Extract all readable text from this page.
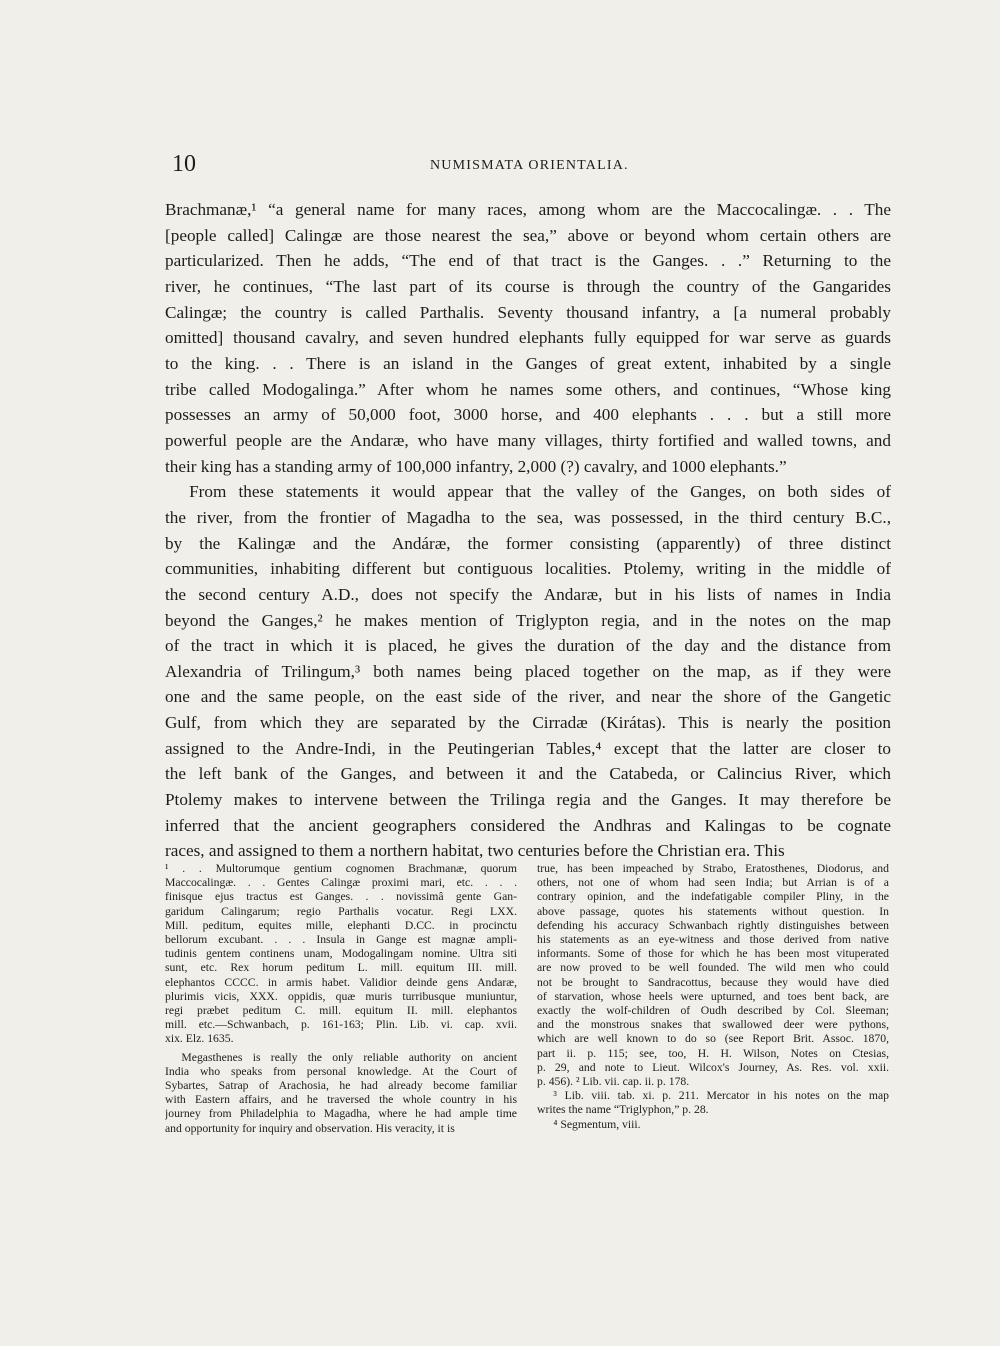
10	NUMISMATA ORIENTALIA.
Brachmanæ,¹ “a general name for many races, among whom are the Maccocalingæ. . . The
[people called] Calingæ are those nearest the sea,” above or beyond whom certain others are
particularized. Then he adds, “The end of that tract is the Ganges. . .” Returning to the
river, he continues, “The last part of its course is through the country of the Gangarides
Calingæ; the country is called Parthalis. Seventy thousand infantry, a [a numeral probably
omitted] thousand cavalry, and seven hundred elephants fully equipped for war serve as guards
to the king. . . There is an island in the Ganges of great extent, inhabited by a single
tribe called Modogalinga.” After whom he names some others, and continues, “Whose king
possesses an army of 50,000 foot, 3000 horse, and 400 elephants . . . but a still more
powerful people are the Andaræ, who have many villages, thirty fortified and walled towns, and
their king has a standing army of 100,000 infantry, 2,000 (?) cavalry, and 1000 elephants.”
From these statements it would appear that the valley of the Ganges, on both sides of
the river, from the frontier of Magadha to the sea, was possessed, in the third century B.C.,
by the Kalingæ and the Andáræ, the former consisting (apparently) of three distinct
communities, inhabiting different but contiguous localities. Ptolemy, writing in the middle of
the second century A.D., does not specify the Andaræ, but in his lists of names in India
beyond the Ganges,² he makes mention of Triglypton regia, and in the notes on the map
of the tract in which it is placed, he gives the duration of the day and the distance from
Alexandria of Trilingum,³ both names being placed together on the map, as if they were
one and the same people, on the east side of the river, and near the shore of the Gangetic
Gulf, from which they are separated by the Cirradæ (Kirátas). This is nearly the position
assigned to the Andre-Indi, in the Peutingerian Tables,⁴ except that the latter are closer to
the left bank of the Ganges, and between it and the Catabeda, or Calincius River, which
Ptolemy makes to intervene between the Trilinga regia and the Ganges. It may therefore be
inferred that the ancient geographers considered the Andhras and Kalingas to be cognate
races, and assigned to them a northern habitat, two centuries before the Christian era. This
¹ . . Multorumque gentium cognomen Brachmanæ, quorum
Maccocalingæ. . . Gentes Calingæ proximi mari, etc. . . .
finisque ejus tractus est Ganges. . . novissimâ gente Gan-
garidum Calingarum; regio Parthalis vocatur. Regi LXX.
Mill. peditum, equites mille, elephanti D.CC. in procinctu
bellorum excubant. . . . Insula in Gange est magnæ ampli-
tudinis gentem continens unam, Modogalingam nomine. Ultra siti
sunt, etc. Rex horum peditum L. mill. equitum III. mill.
elephantos CCCC. in armis habet. Validior deinde gens Andaræ,
plurimis vicis, XXX. oppidis, quæ muris turribusque muniuntur,
regi præbet peditum C. mill. equitum II. mill. elephantos
mill. etc.—Schwanbach, p. 161-163; Plin. Lib. vi. cap. xvii.
xix. Elz. 1635.
Megasthenes is really the only reliable authority on ancient
India who speaks from personal knowledge. At the Court of
Sybartes, Satrap of Arachosia, he had already become familiar
with Eastern affairs, and he traversed the whole country in his
journey from Philadelphia to Magadha, where he had ample time
and opportunity for inquiry and observation. His veracity, it is
true, has been impeached by Strabo, Eratosthenes, Diodorus, and
others, not one of whom had seen India; but Arrian is of a
contrary opinion, and the indefatigable compiler Pliny, in the
above passage, quotes his statements without question. In
defending his accuracy Schwanbach rightly distinguishes between
his statements as an eye-witness and those derived from native
informants. Some of those for which he has been most vituperated
are now proved to be well founded. The wild men who could
not be brought to Sandracottus, because they would have died
of starvation, whose heels were upturned, and toes bent back, are
exactly the wolf-children of Oudh described by Col. Sleeman;
and the monstrous snakes that swallowed deer were pythons,
which are well known to do so (see Report Brit. Assoc. 1870,
part ii. p. 115; see, too, H. H. Wilson, Notes on Ctesias,
p. 29, and note to Lieut. Wilcox's Journey, As. Res. vol. xxii.
p. 456). ² Lib. vii. cap. ii. p. 178.
³ Lib. viii. tab. xi. p. 211. Mercator in his notes on the map
writes the name “Triglyphon,” p. 28.
⁴ Segmentum, viii.
